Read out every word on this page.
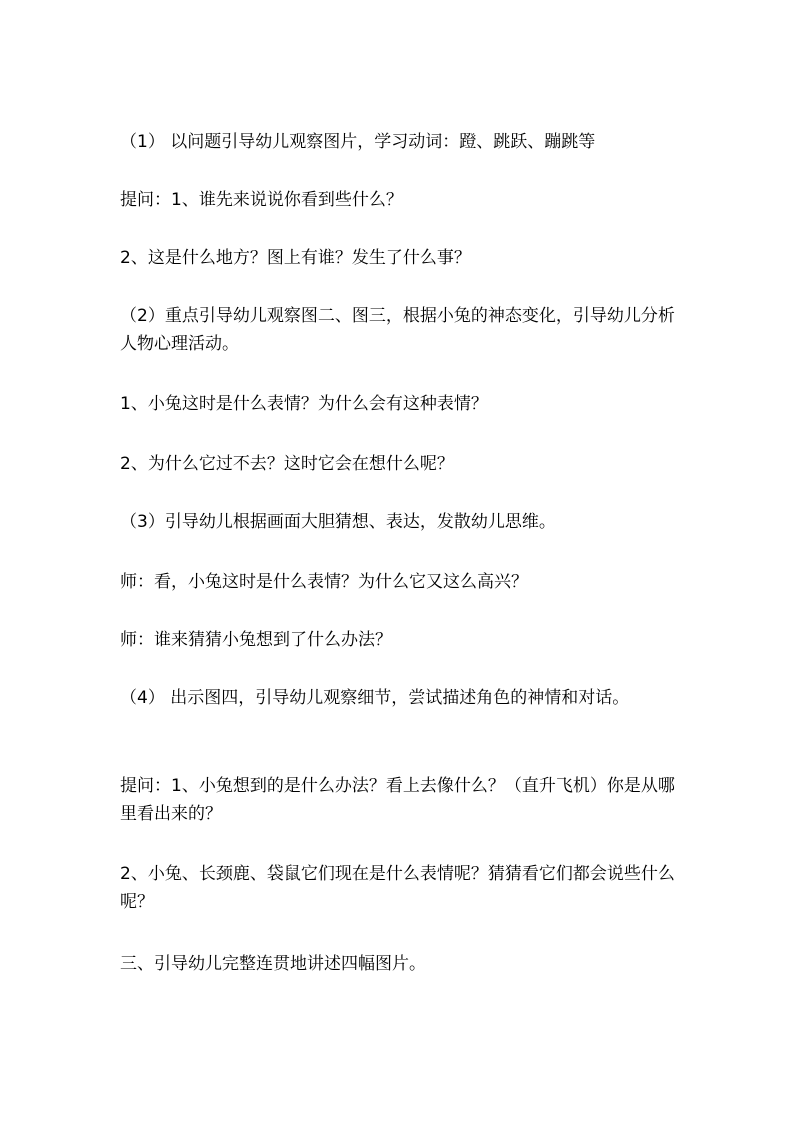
（1） 以问题引导幼儿观察图片，学习动词：蹬、跳跃、蹦跳等

提问：1、谁先来说说你看到些什么？

2、这是什么地方？图上有谁？发生了什么事？

（2）重点引导幼儿观察图二、图三，根据小兔的神态变化，引导幼儿分析人物心理活动。

1、小兔这时是什么表情？为什么会有这种表情？

2、为什么它过不去？这时它会在想什么呢？

（3）引导幼儿根据画面大胆猜想、表达，发散幼儿思维。

师：看，小兔这时是什么表情？为什么它又这么高兴？

师：谁来猜猜小兔想到了什么办法？

（4） 出示图四，引导幼儿观察细节，尝试描述角色的神情和对话。

提问：1、小兔想到的是什么办法？看上去像什么？（直升飞机）你是从哪里看出来的？

2、小兔、长颈鹿、袋鼠它们现在是什么表情呢？猜猜看它们都会说些什么呢？

三、引导幼儿完整连贯地讲述四幅图片。
